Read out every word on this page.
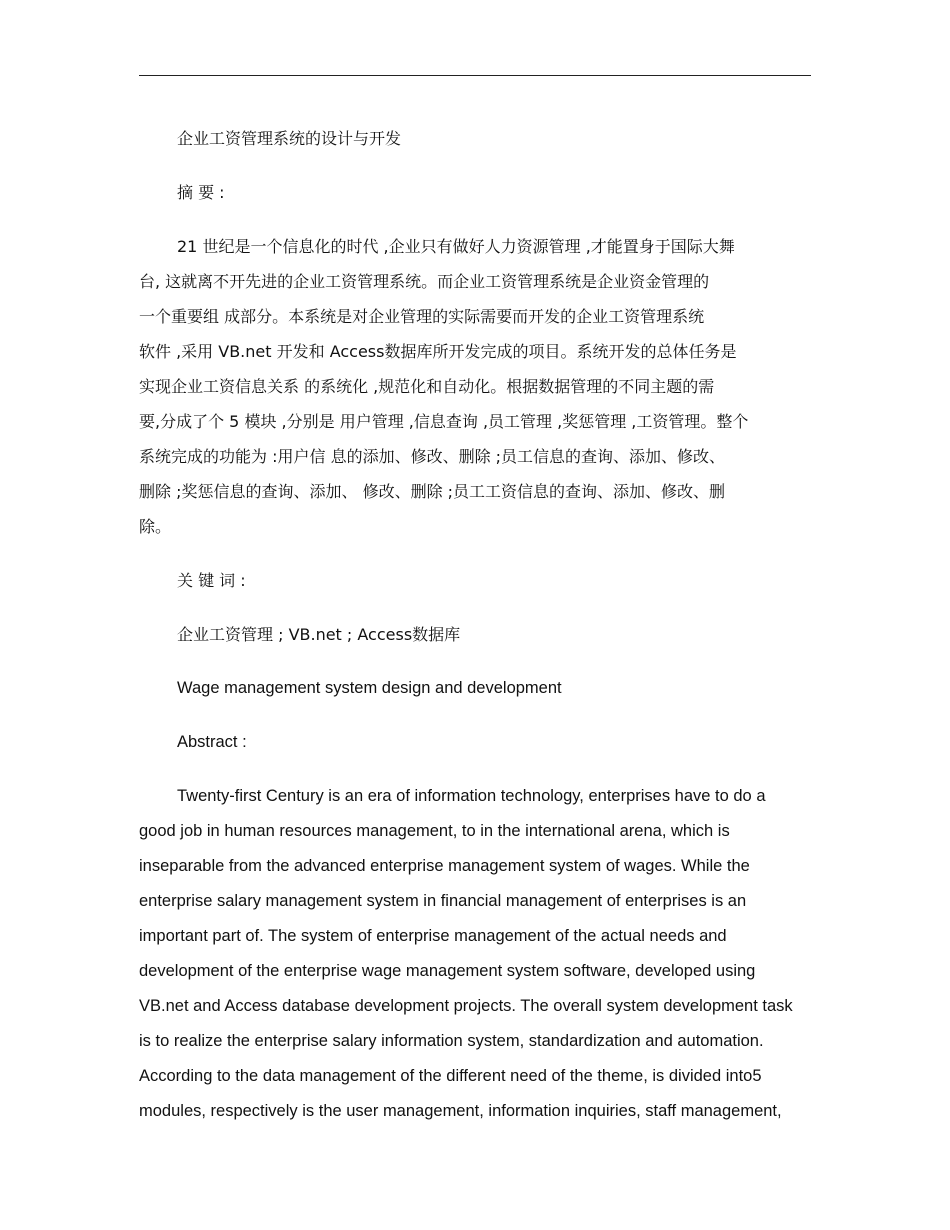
企业工资管理系统的设计与开发

摘 要 :

21 世纪是一个信息化的时代 ,企业只有做好人力资源管理 ,才能置身于国际大舞

台, 这就离不开先进的企业工资管理系统。而企业工资管理系统是企业资金管理的

一个重要组 成部分。本系统是对企业管理的实际需要而开发的企业工资管理系统

软件 ,采用 VB.net 开发和 Access数据库所开发完成的项目。系统开发的总体任务是

实现企业工资信息关系 的系统化 ,规范化和自动化。根据数据管理的不同主题的需

要,分成了个 5 模块 ,分别是 用户管理 ,信息查询 ,员工管理 ,奖惩管理 ,工资管理。整个

系统完成的功能为 :用户信 息的添加、修改、删除 ;员工信息的查询、添加、修改、

删除 ;奖惩信息的查询、添加、 修改、删除 ;员工工资信息的查询、添加、修改、删

除。

关 键 词 :

企业工资管理 ; VB.net ; Access数据库

Wage management system design and development

Abstract :

Twenty-first Century is an era of information technology, enterprises have to do a

good job in human resources management, to in the international arena, which is

inseparable from the advanced enterprise management system of wages. While the

enterprise salary management system in financial management of enterprises is an

important part of. The system of enterprise management of the actual needs and

development of the enterprise wage management system software, developed using

VB.net and Access database development projects. The overall system development task

is to realize the enterprise salary information system, standardization and automation.

According to the data management of the different need of the theme, is divided into5

modules, respectively is the user management, information inquiries, staff management,
